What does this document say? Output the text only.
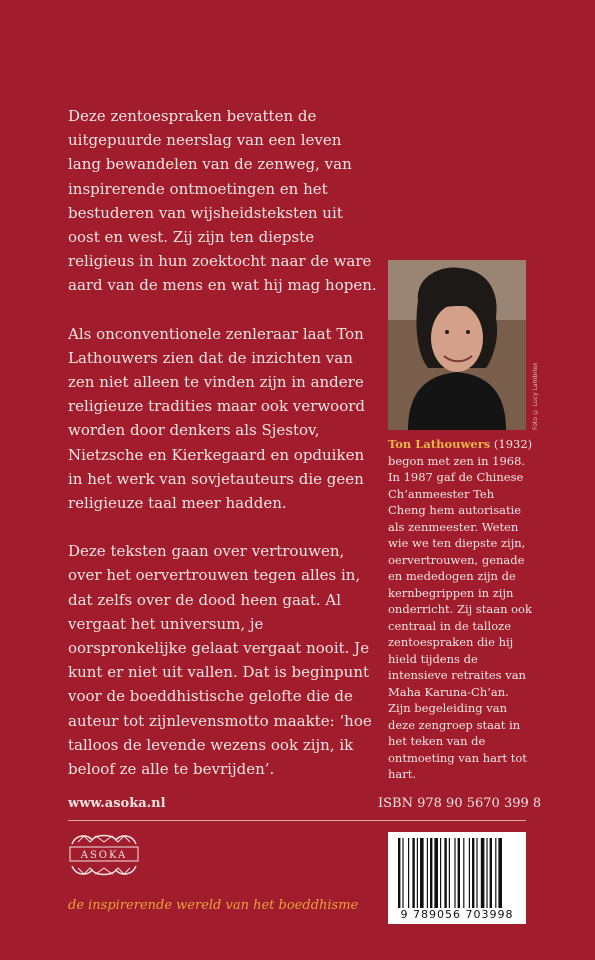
Deze zentoespraken bevatten de uitgepuurde neerslag van een leven lang bewandelen van de zenweg, van inspirerende ontmoetingen en het bestuderen van wijsheidsteksten uit oost en west. Zij zijn ten diepste religieus in hun zoektocht naar de ware aard van de mens en wat hij mag hopen.

Als onconventionele zenleraar laat Ton Lathouwers zien dat de inzichten van zen niet alleen te vinden zijn in andere religieuze tradities maar ook verwoord worden door denkers als Sjestov, Nietzsche en Kierkegaard en opduiken in het werk van sovjetauteurs die geen religieuze taal meer hadden.

Deze teksten gaan over vertrouwen, over het oervertrouwen tegen alles in, dat zelfs over de dood heen gaat. Al vergaat het universum, je oorspronkelijke gelaat vergaat nooit. Je kunt er niet uit vallen. Dat is beginpunt voor de boeddhistische gelofte die de auteur tot zijnlevensmotto maakte: ‘hoe talloos de levende wezens ook zijn, ik beloof ze alle te bevrijden’.

Foto © Lucy Lambriex
Ton Lathouwers (1932) begon met zen in 1968. In 1987 gaf de Chinese Ch’anmeester Teh Cheng hem autorisatie als zenmeester. Weten wie we ten diepste zijn, oervertrouwen, genade en mededogen zijn de kernbegrippen in zijn onderricht. Zij staan ook centraal in de talloze zentoespraken die hij hield tijdens de intensieve retraites van Maha Karuna-Ch’an. Zijn begeleiding van deze zengroep staat in het teken van de ontmoeting van hart tot hart.
www.asoka.nl	ISBN 978 90 5670 399 8
ASOKA
9 789056 703998
de inspirerende wereld van het boeddhisme
